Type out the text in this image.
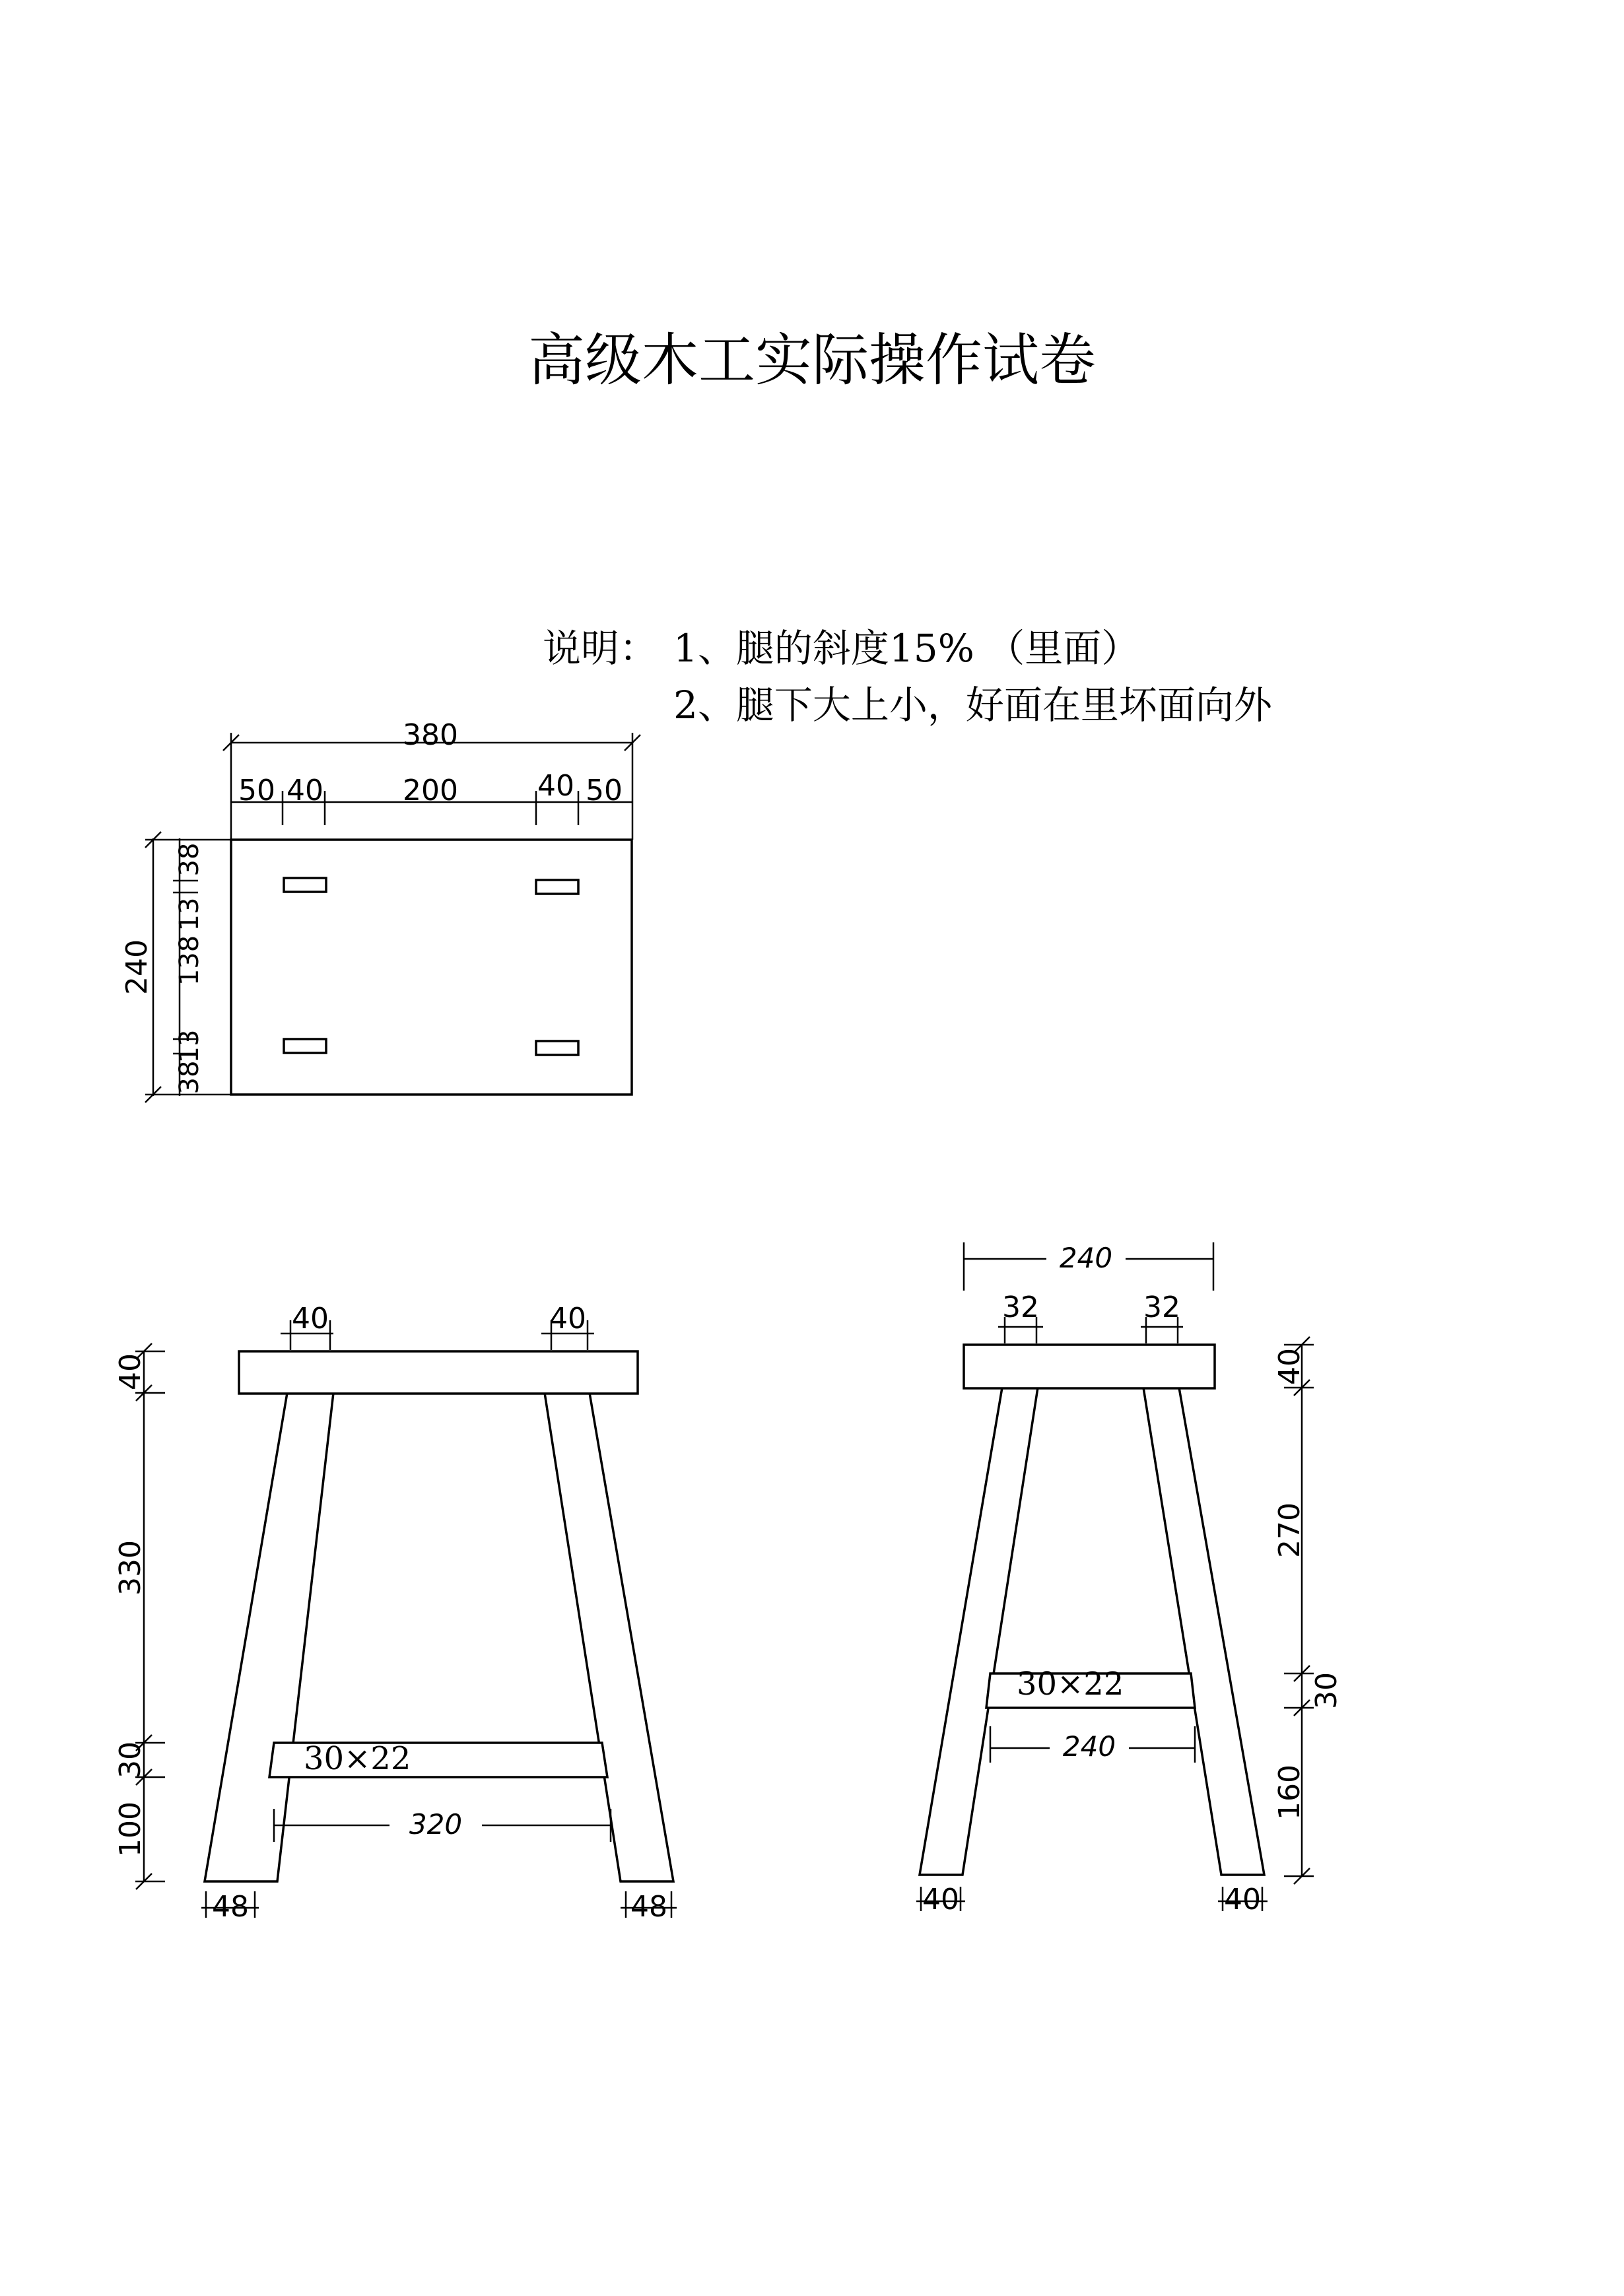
高级木工实际操作试卷
说明： 1、腿的斜度15% （里面）
2、腿下大上小，好面在里坏面向外
380
50 40	200	40 50
240
38
13
138
13
38
30×22
320
40	40
40
330
30
100
48	48
30×22
240
240
32	32
40
270
30
160
40	40
